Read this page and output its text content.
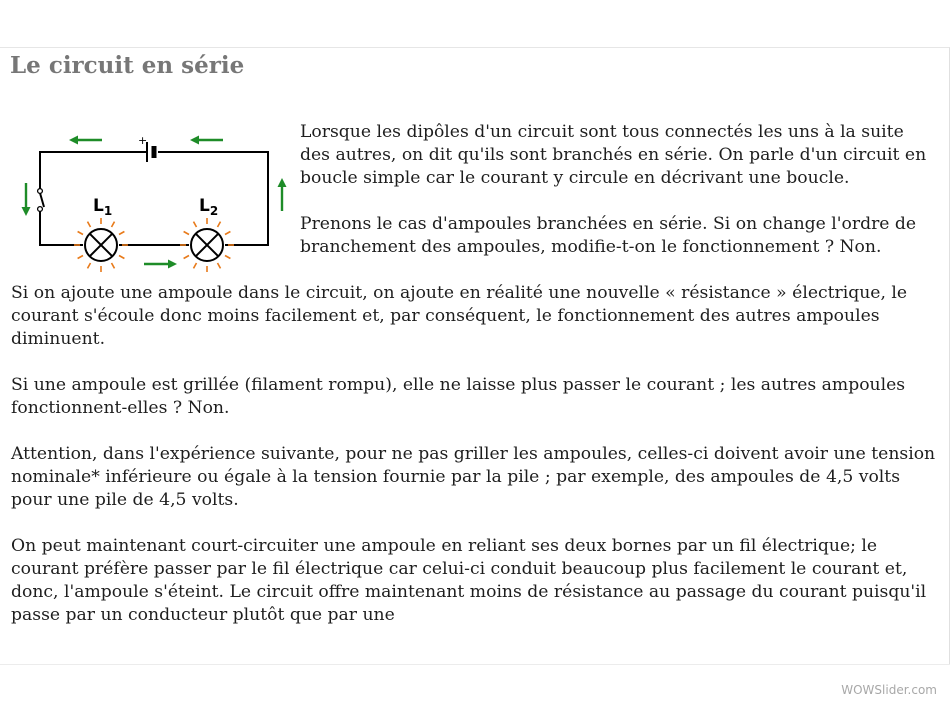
Le circuit en série
+
$L_1$	$L_2$

Lorsque les dipôles d'un circuit sont tous connectés les uns à la suite des autres, on dit qu'ils sont branchés en série. On parle d'un circuit en boucle simple car le courant y circule en décrivant une boucle.

Prenons le cas d'ampoules branchées en série. Si on change l'ordre de branchement des ampoules, modifie-t-on le fonctionnement ? Non.

Si on ajoute une ampoule dans le circuit, on ajoute en réalité une nouvelle « résistance » électrique, le courant s'écoule donc moins facilement et, par conséquent, le fonctionnement des autres ampoules diminuent.

Si une ampoule est grillée (filament rompu), elle ne laisse plus passer le courant ; les autres ampoules fonctionnent-elles ? Non.

Attention, dans l'expérience suivante, pour ne pas griller les ampoules, celles-ci doivent avoir une tension nominale* inférieure ou égale à la tension fournie par la pile ; par exemple, des ampoules de 4,5 volts pour une pile de 4,5 volts.

On peut maintenant court-circuiter une ampoule en reliant ses deux bornes par un fil électrique; le courant préfère passer par le fil électrique car celui-ci conduit beaucoup plus facilement le courant et, donc, l'ampoule s'éteint. Le circuit offre maintenant moins de résistance au passage du courant puisqu'il passe par un conducteur plutôt que par une

WOWSlider.com
